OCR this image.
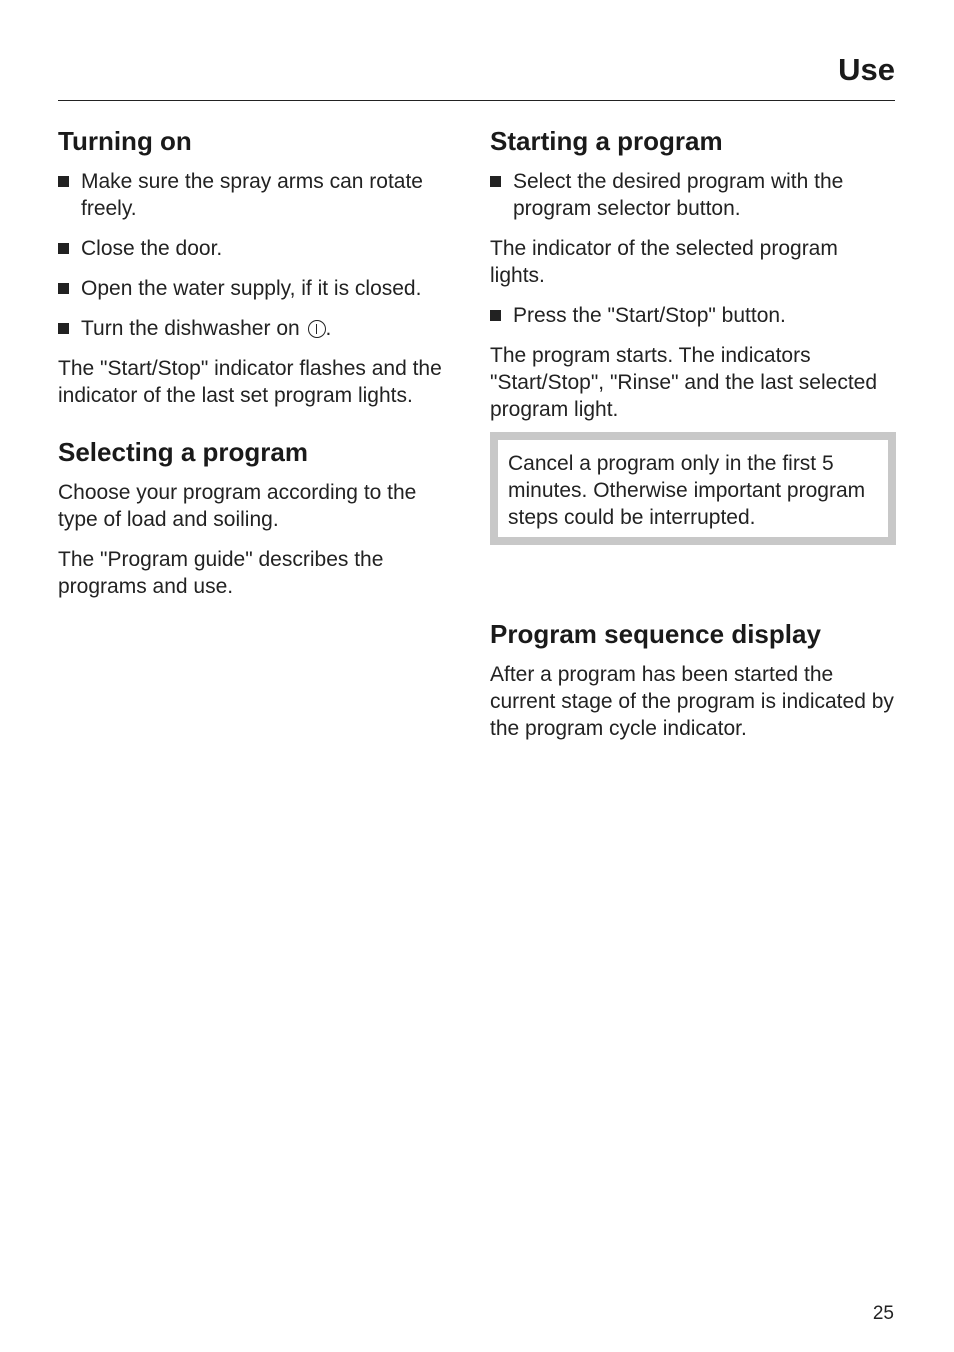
Use
Turning on
Make sure the spray arms can rotate freely.
Close the door.
Open the water supply, if it is closed.
Turn the dishwasher on .

The "Start/Stop" indicator flashes and the indicator of the last set program lights.

Selecting a program

Choose your program according to the type of load and soiling.

The "Program guide" describes the programs and use.

Starting a program
Select the desired program with the program selector button.

The indicator of the selected program lights.

Press the "Start/Stop" button.

The program starts. The indicators "Start/Stop", "Rinse" and the last selected program light.

Cancel a program only in the first 5 minutes. Otherwise important program steps could be interrupted.
Program sequence display

After a program has been started the current stage of the program is indicated by the program cycle indicator.

25
